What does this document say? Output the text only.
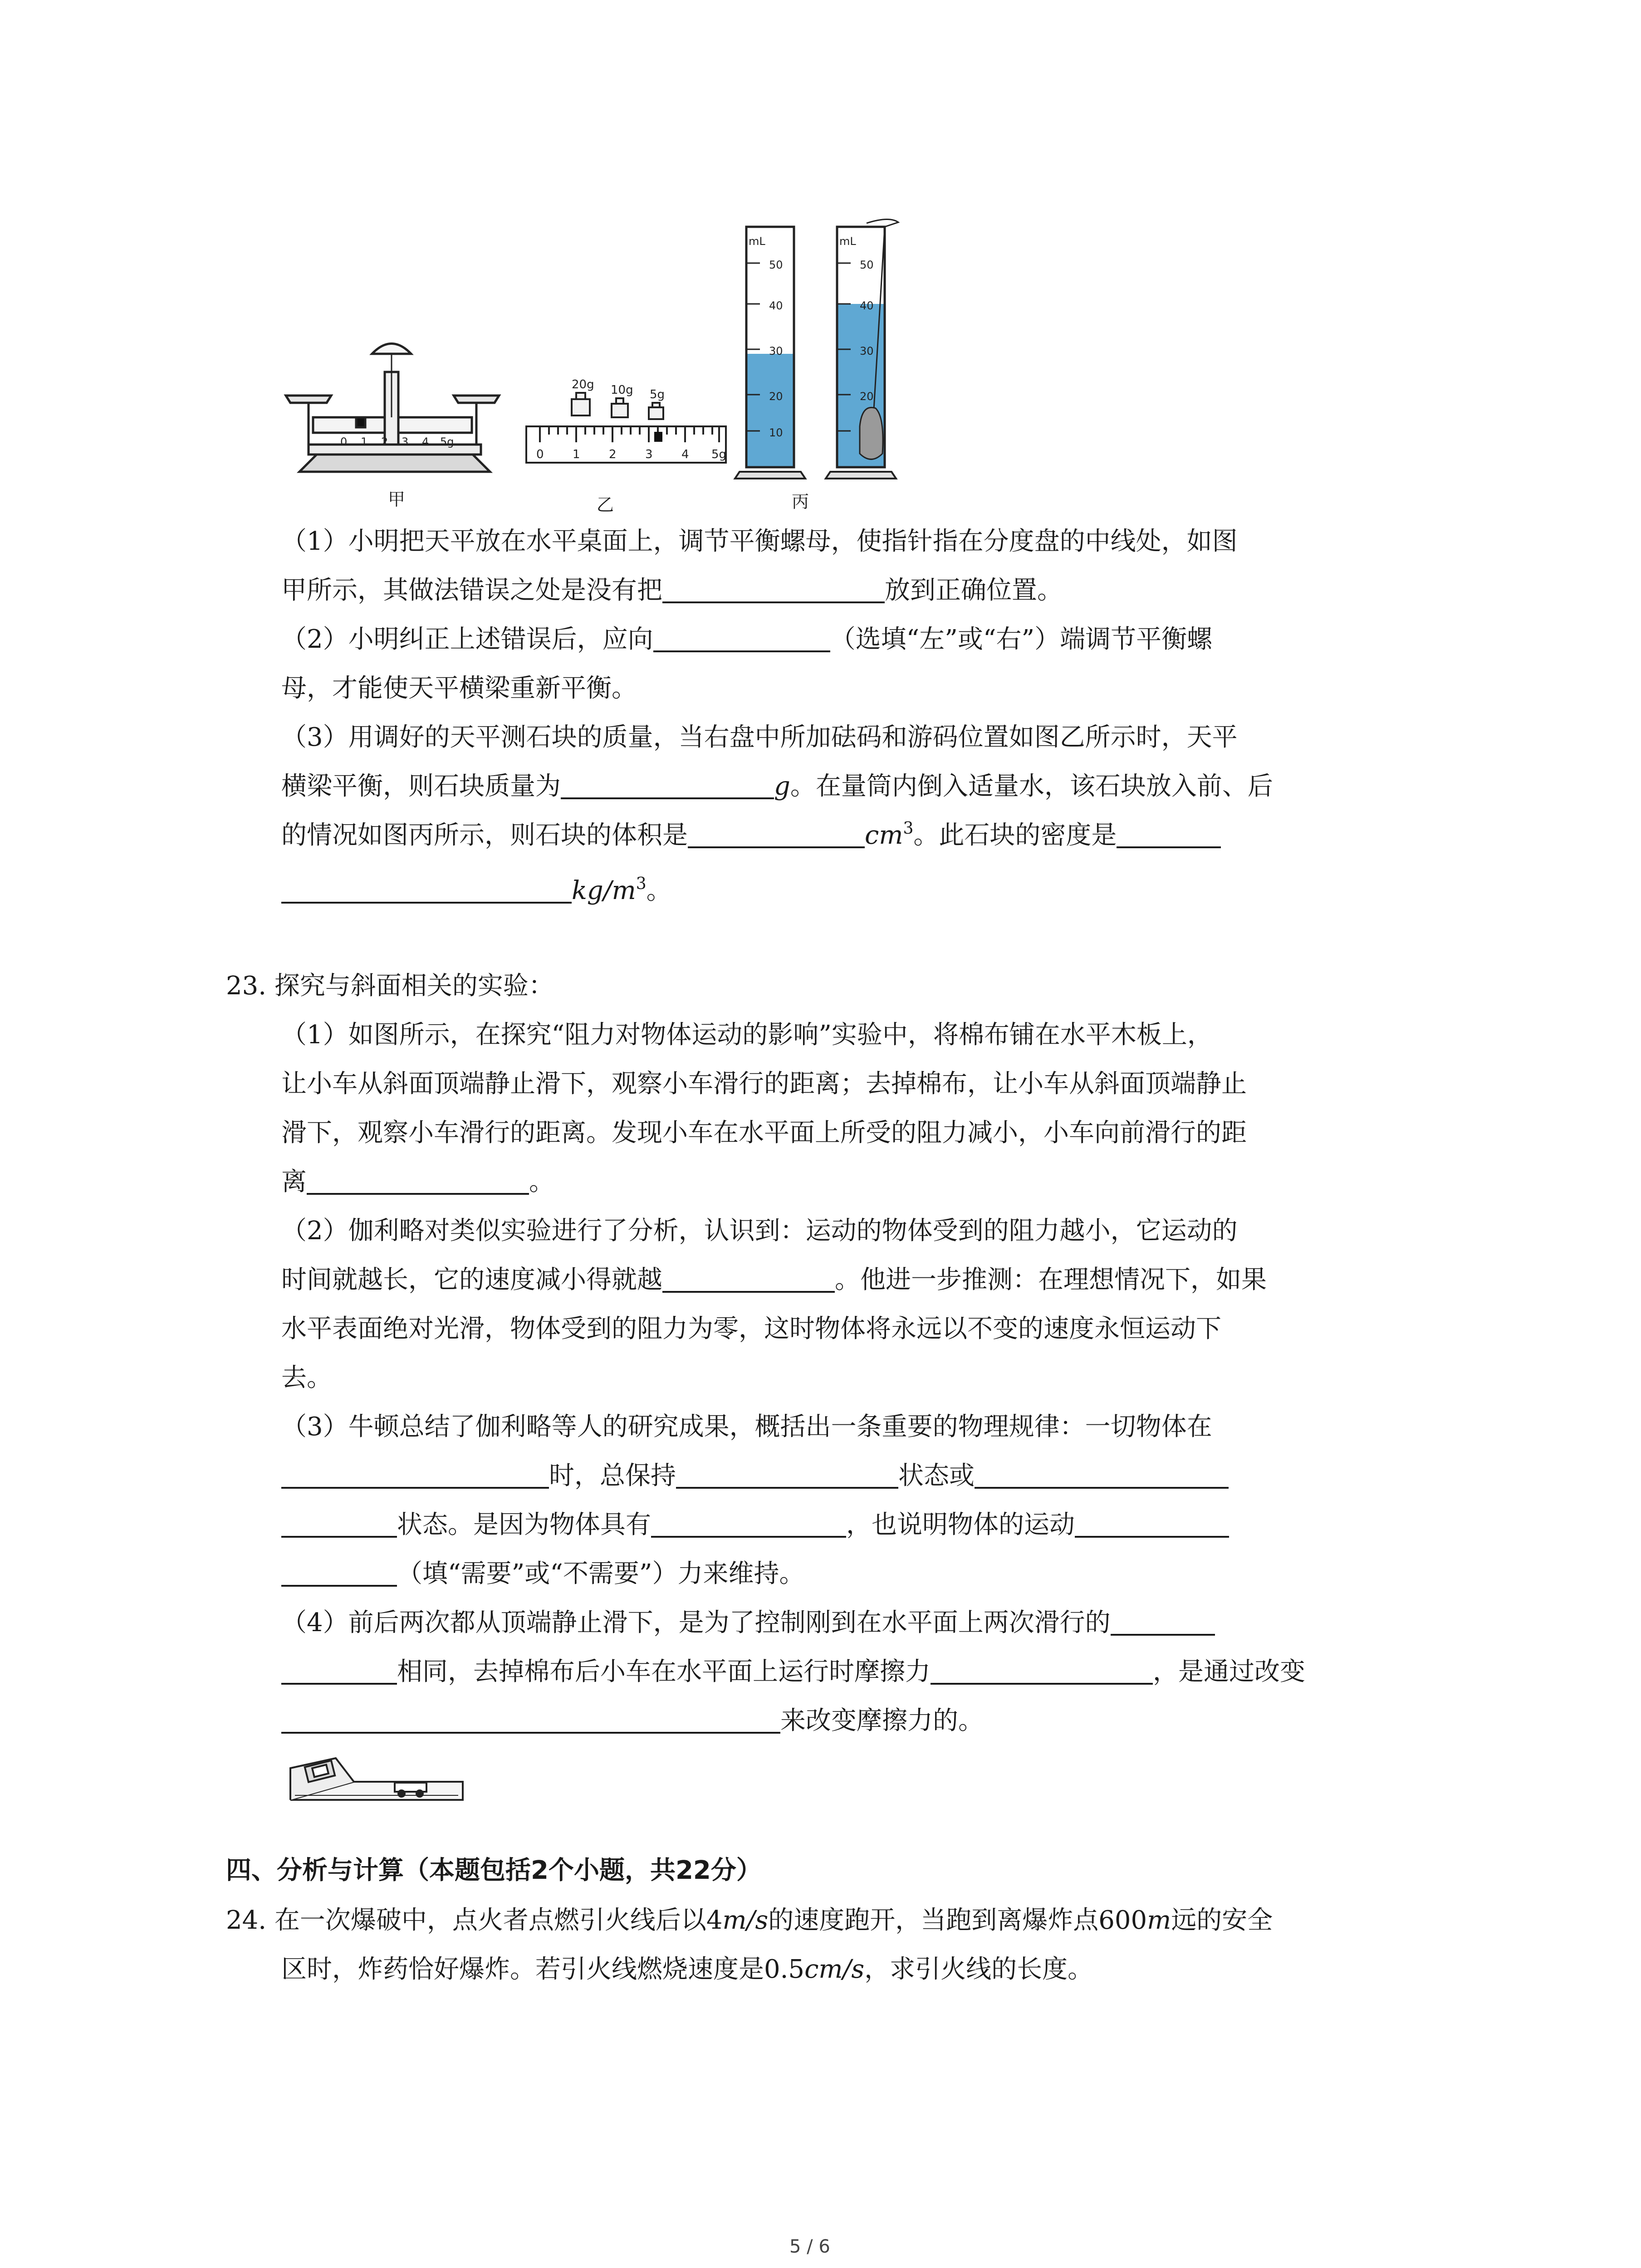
0 1 2 3 4 5g
20g 10g 5g
0 1 2 3 4 5g
mL
50
40
30
20
10
mL
50
40
30
20
甲	乙	丙
（1）小明把天平放在水平桌面上，调节平衡螺母，使指针指在分度盘的中线处，如图
甲所示，其做法错误之处是没有把	放到正确位置。
（2）小明纠正上述错误后，应向	（选填“左”或“右”）端调节平衡螺
母，才能使天平横梁重新平衡。
（3）用调好的天平测石块的质量，当右盘中所加砝码和游码位置如图乙所示时，天平
横梁平衡，则石块质量为	g。在量筒内倒入适量水，该石块放入前、后
的情况如图丙所示，则石块的体积是	$cm^3$。此石块的密度是
$kg/m^3$。
23. 探究与斜面相关的实验：
（1）如图所示，在探究“阻力对物体运动的影响”实验中，将棉布铺在水平木板上，
让小车从斜面顶端静止滑下，观察小车滑行的距离；去掉棉布，让小车从斜面顶端静止
滑下，观察小车滑行的距离。发现小车在水平面上所受的阻力减小，小车向前滑行的距
离	。
（2）伽利略对类似实验进行了分析，认识到：运动的物体受到的阻力越小，它运动的
时间就越长，它的速度减小得就越	。他进一步推测：在理想情况下，如果
水平表面绝对光滑，物体受到的阻力为零，这时物体将永远以不变的速度永恒运动下
去。
（3）牛顿总结了伽利略等人的研究成果，概括出一条重要的物理规律：一切物体在
时，总保持	状态或
状态。是因为物体具有	，也说明物体的运动
（填“需要”或“不需要”）力来维持。
（4）前后两次都从顶端静止滑下，是为了控制刚到在水平面上两次滑行的
相同，去掉棉布后小车在水平面上运行时摩擦力	，是通过改变
来改变摩擦力的。
四、分析与计算（本题包括2个小题，共22分）
24. 在一次爆破中，点火者点燃引火线后以4m/s的速度跑开，当跑到离爆炸点600m远的安全
区时，炸药恰好爆炸。若引火线燃烧速度是0.5cm/s，求引火线的长度。
5 / 6
